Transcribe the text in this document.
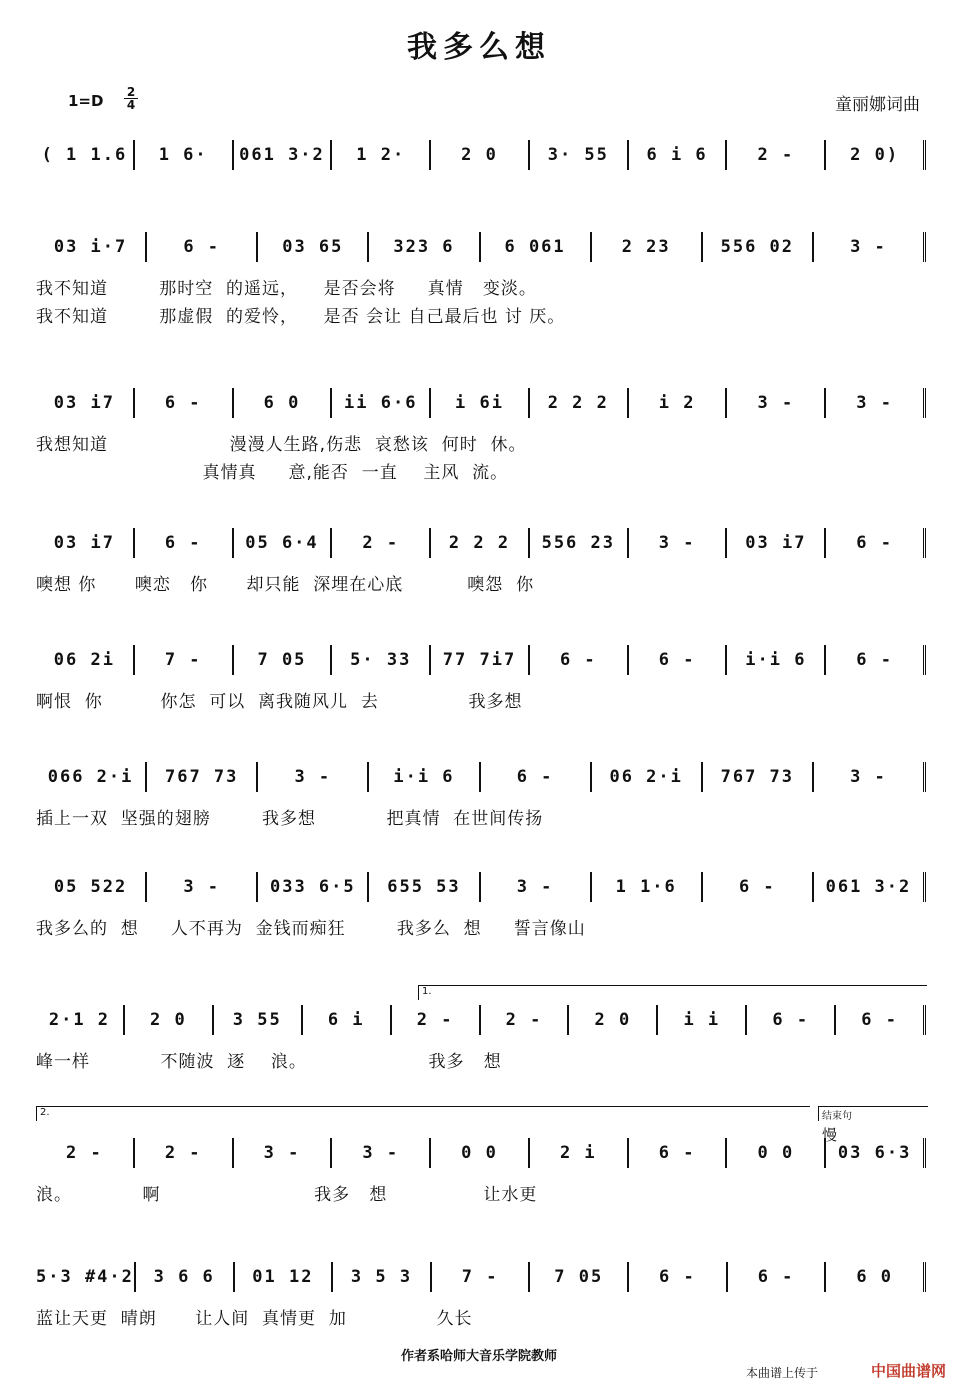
我多么想
1=D 2
4	童丽娜词曲
( 1 1.6	1 6·	061 3·2	1 2·	2 0	3· 55	6 i 6	2 -	2 0)
03 i·7	6 -	03 65	323 6	6 061	2 23	556 02	3 -
我不知道        那时空  的遥远，    是否会将     真情   变淡。
我不知道        那虚假  的爱怜，    是否 会让 自己最后也 讨 厌。
03 i7	6 -	6 0	ii 6·6	i 6i	2 2 2	i 2	3 -	3 -
我想知道                   漫漫人生路,伤悲  哀愁该  何时  休。
真情真     意,能否  一直    主风  流。
03 i7	6 -	05 6·4	2 -	2 2 2	556 23	3 -	03 i7	6 -
噢想 你      噢恋   你      却只能  深埋在心底          噢怨  你
06 2i	7 -	7 05	5· 33	77 7i7	6 -	6 -	i·i 6	6 -
啊恨  你         你怎  可以  离我随风儿  去              我多想
066 2·i	767 73	3 -	i·i 6	6 -	06 2·i	767 73	3 -
插上一双  坚强的翅膀        我多想           把真情  在世间传扬
05 522	3 -	033 6·5	655 53	3 -	1 1·6	6 -	061 3·2
我多么的  想     人不再为  金钱而痴狂        我多么  想     誓言像山
2·1 2	2 0	3 55	6 i	2 -	2 -	2 0	i i	6 -	6 -
峰一样           不随波  逐    浪。                   我多   想
2 -	2 -	3 -	3 -	0 0	2 i	6 -	0 0	03 6·3
浪。           啊                        我多   想               让水更
5·3 #4·2	3 6 6	01 12	3 5 3	7 -	7 05	6 -	6 -	6 0
蓝让天更  晴朗      让人间  真情更  加              久长
1.
2.	结束句
慢
作者系哈师大音乐学院教师
本曲谱上传于	中国曲谱网
